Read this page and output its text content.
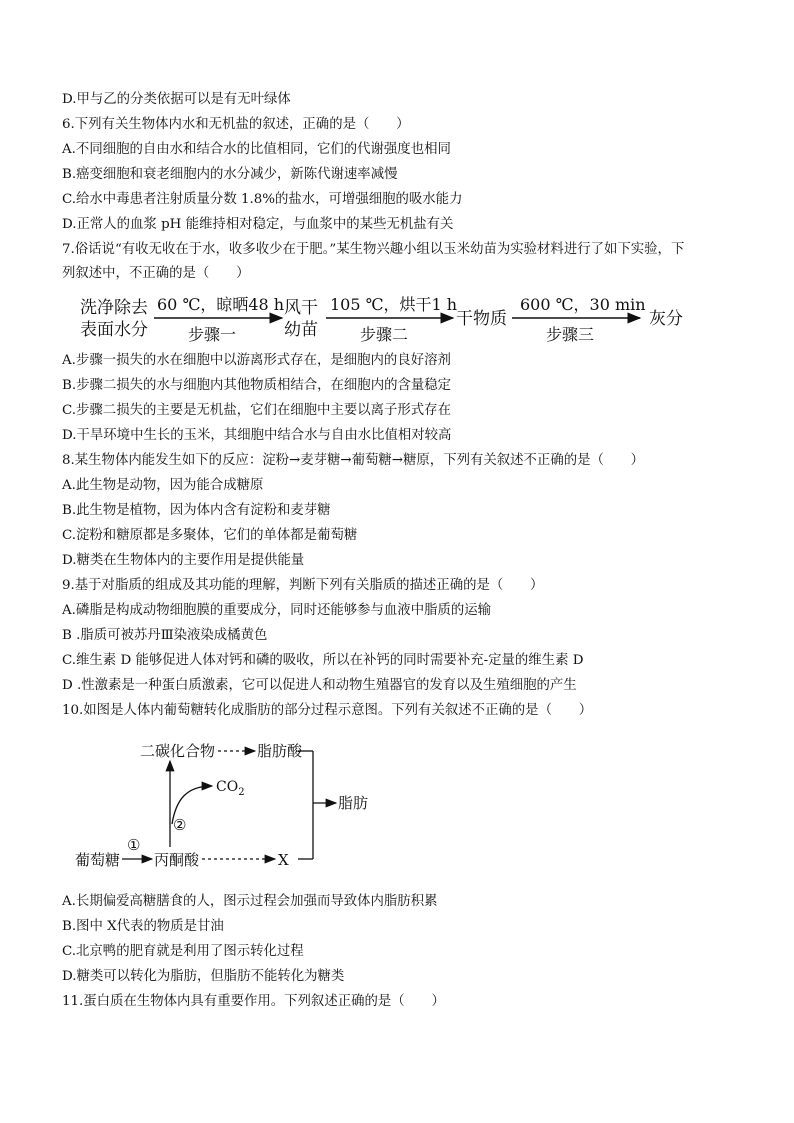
D.甲与乙的分类依据可以是有无叶绿体
6.下列有关生物体内水和无机盐的叙述，正确的是（　　）
A.不同细胞的自由水和结合水的比值相同，它们的代谢强度也相同
B.癌变细胞和衰老细胞内的水分减少，新陈代谢速率减慢
C.给水中毒患者注射质量分数 1.8%的盐水，可增强细胞的吸水能力
D.正常人的血浆 pH 能维持相对稳定，与血浆中的某些无机盐有关
7.俗话说“有收无收在于水，收多收少在于肥。”某生物兴趣小组以玉米幼苗为实验材料进行了如下实验，下
列叙述中，不正确的是（　　）
洗净除去
表面水分
60 ℃，晾晒48 h
步骤一
风干
幼苗
105 ℃，烘干1 h
步骤二
干物质
600 ℃，30 min
步骤三
灰分
A.步骤一损失的水在细胞中以游离形式存在，是细胞内的良好溶剂
B.步骤二损失的水与细胞内其他物质相结合，在细胞内的含量稳定
C.步骤二损失的主要是无机盐，它们在细胞中主要以离子形式存在
D.干旱环境中生长的玉米，其细胞中结合水与自由水比值相对较高
8.某生物体内能发生如下的反应：淀粉→麦芽糖→葡萄糖→糖原，下列有关叙述不正确的是（　　）
A.此生物是动物，因为能合成糖原
B.此生物是植物，因为体内含有淀粉和麦芽糖
C.淀粉和糖原都是多聚体，它们的单体都是葡萄糖
D.糖类在生物体内的主要作用是提供能量
9.基于对脂质的组成及其功能的理解，判断下列有关脂质的描述正确的是（　　）
A.磷脂是构成动物细胞膜的重要成分，同时还能够参与血液中脂质的运输
B .脂质可被苏丹Ⅲ染液染成橘黄色
C.维生素 D 能够促进人体对钙和磷的吸收，所以在补钙的同时需要补充-定量的维生素 D
D .性激素是一种蛋白质激素，它可以促进人和动物生殖器官的发育以及生殖细胞的产生
10.如图是人体内葡萄糖转化成脂肪的部分过程示意图。下列有关叙述不正确的是（　　）
二碳化合物	脂肪酸
脂肪
$CO_2$
②
葡萄糖
①
丙酮酸	X
A.长期偏爱高糖膳食的人，图示过程会加强而导致体内脂肪积累
B.图中 X代表的物质是甘油
C.北京鸭的肥育就是利用了图示转化过程
D.糖类可以转化为脂肪，但脂肪不能转化为糖类
11.蛋白质在生物体内具有重要作用。下列叙述正确的是（　　）
